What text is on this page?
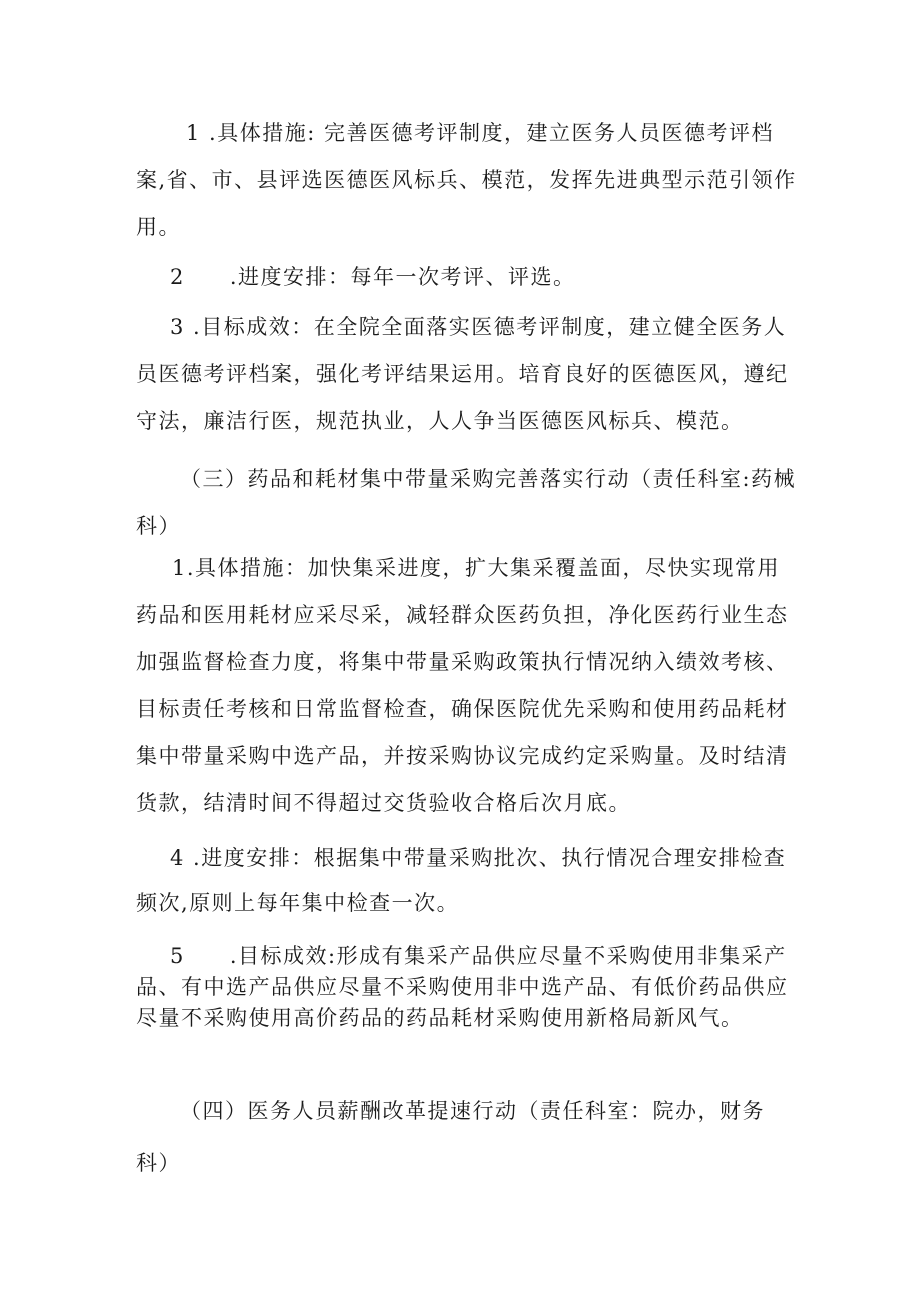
1 .具体措施: 完善医德考评制度，建立医务人员医德考评档案,省、市、县评选医德医风标兵、模范，发挥先进典型示范引领作用。

2　　.进度安排：每年一次考评、评选。

3 .目标成效：在全院全面落实医德考评制度，建立健全医务人员医德考评档案，强化考评结果运用。培育良好的医德医风，遵纪守法，廉洁行医，规范执业，人人争当医德医风标兵、模范。

（三）药品和耗材集中带量采购完善落实行动（责任科室:药械科）

1.具体措施：加快集采进度，扩大集采覆盖面，尽快实现常用药品和医用耗材应采尽采，减轻群众医药负担，净化医药行业生态加强监督检查力度，将集中带量采购政策执行情况纳入绩效考核、目标责任考核和日常监督检查，确保医院优先采购和使用药品耗材集中带量采购中选产品，并按采购协议完成约定采购量。及时结清货款，结清时间不得超过交货验收合格后次月底。

4 .进度安排：根据集中带量采购批次、执行情况合理安排检查频次,原则上每年集中检查一次。

5　　.目标成效:形成有集采产品供应尽量不采购使用非集采产品、有中选产品供应尽量不采购使用非中选产品、有低价药品供应尽量不采购使用高价药品的药品耗材采购使用新格局新风气。

（四）医务人员薪酬改革提速行动（责任科室：院办，财务科）
